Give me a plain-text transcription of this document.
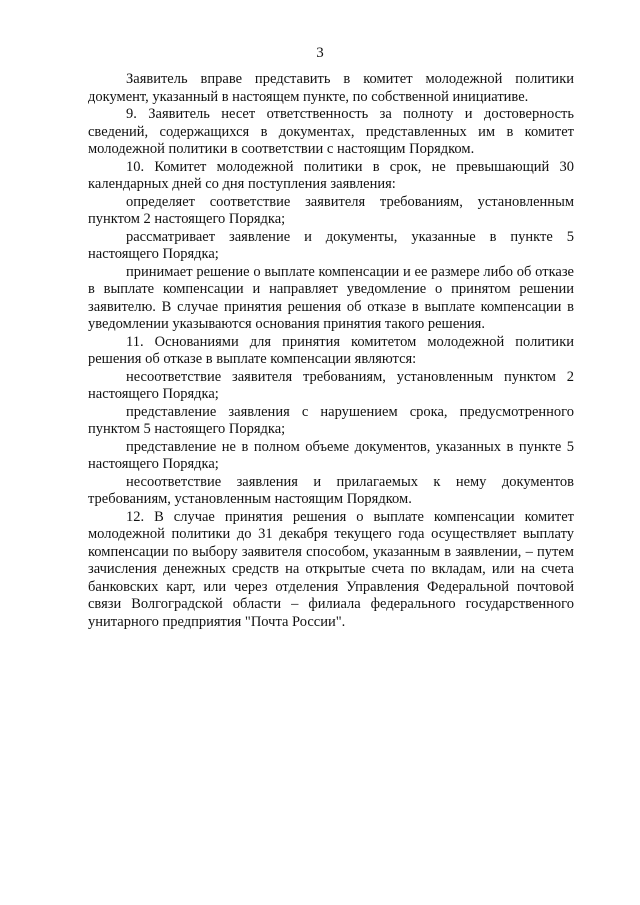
3

Заявитель вправе представить в комитет молодежной политики документ, указанный в настоящем пункте, по собственной инициативе.

9. Заявитель несет ответственность за полноту и достоверность сведений, содержащихся в документах, представленных им в комитет молодежной политики в соответствии с настоящим Порядком.

10. Комитет молодежной политики в срок, не превышающий 30 календарных дней со дня поступления заявления:

определяет соответствие заявителя требованиям, установленным пунктом 2 настоящего Порядка;

рассматривает заявление и документы, указанные в пункте 5 настоящего Порядка;

принимает решение о выплате компенсации и ее размере либо об отказе в выплате компенсации и направляет уведомление о принятом решении заявителю. В случае принятия решения об отказе в выплате компенсации в уведомлении указываются основания принятия такого решения.

11. Основаниями для принятия комитетом молодежной политики решения об отказе в выплате компенсации являются:

несоответствие заявителя требованиям, установленным пунктом 2 настоящего Порядка;

представление заявления с нарушением срока, предусмотренного пунктом 5 настоящего Порядка;

представление не в полном объеме документов, указанных в пункте 5 настоящего Порядка;

несоответствие заявления и прилагаемых к нему документов требованиям, установленным настоящим Порядком.

12. В случае принятия решения о выплате компенсации комитет молодежной политики до 31 декабря текущего года осуществляет выплату компенсации по выбору заявителя способом, указанным в заявлении, – путем зачисления денежных средств на открытые счета по вкладам, или на счета банковских карт, или через отделения Управления Федеральной почтовой связи Волгоградской области – филиала федерального государственного унитарного предприятия "Почта России".
